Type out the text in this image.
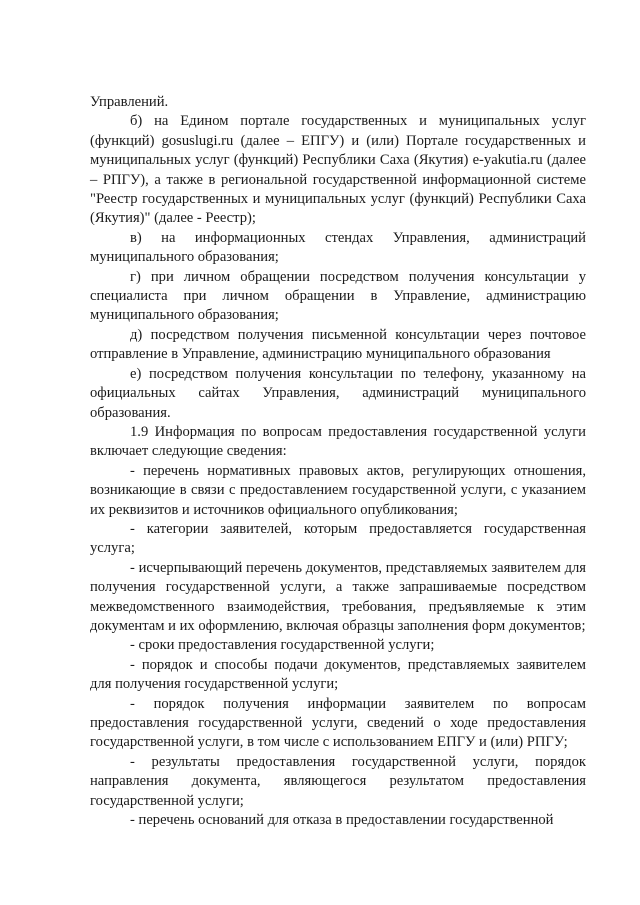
Управлений.

б) на Едином портале государственных и муниципальных услуг (функций) gosuslugi.ru (далее – ЕПГУ) и (или) Портале государственных и муниципальных услуг (функций) Республики Саха (Якутия) e-yakutia.ru (далее – РПГУ), а также в региональной государственной информационной системе "Реестр государственных и муниципальных услуг (функций) Республики Саха (Якутия)" (далее - Реестр);

в) на информационных стендах Управления, администраций муниципального образования;

г) при личном обращении посредством получения консультации у специалиста при личном обращении в Управление, администрацию муниципального образования;

д) посредством получения письменной консультации через почтовое отправление в Управление, администрацию муниципального образования

е) посредством получения консультации по телефону, указанному на официальных сайтах Управления, администраций муниципального образования.

1.9 Информация по вопросам предоставления государственной услуги включает следующие сведения:

- перечень нормативных правовых актов, регулирующих отношения, возникающие в связи с предоставлением государственной услуги, с указанием их реквизитов и источников официального опубликования;

- категории заявителей, которым предоставляется государственная услуга;

- исчерпывающий перечень документов, представляемых заявителем для получения государственной услуги, а также запрашиваемые посредством межведомственного взаимодействия, требования, предъявляемые к этим документам и их оформлению, включая образцы заполнения форм документов;

- сроки предоставления государственной услуги;

- порядок и способы подачи документов, представляемых заявителем для получения государственной услуги;

- порядок получения информации заявителем по вопросам предоставления государственной услуги, сведений о ходе предоставления государственной услуги, в том числе с использованием ЕПГУ и (или) РПГУ;

- результаты предоставления государственной услуги, порядок направления документа, являющегося результатом предоставления государственной услуги;

- перечень оснований для отказа в предоставлении государственной
